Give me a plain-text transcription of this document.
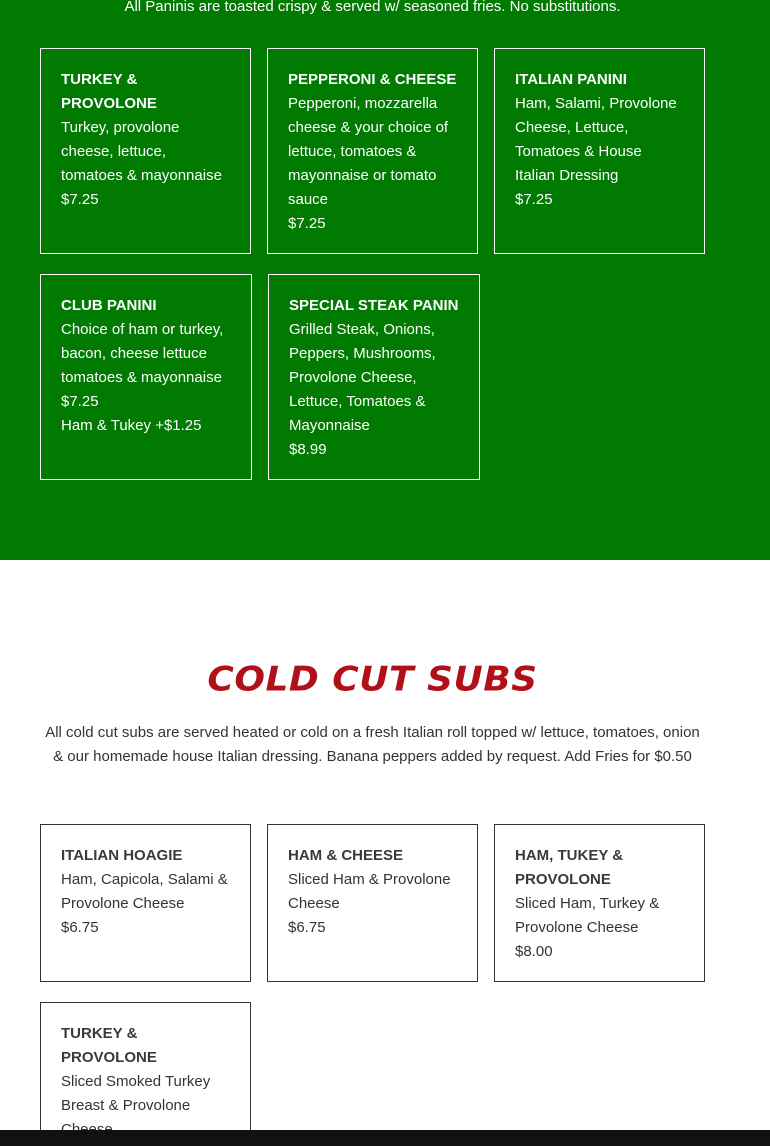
All Paninis are toasted crispy & served w/ seasoned fries. No substitutions.
TURKEY & PROVOLONE
Turkey, provolone cheese, lettuce, tomatoes & mayonnaise
$7.25
PEPPERONI & CHEESE
Pepperoni, mozzarella cheese & your choice of lettuce, tomatoes & mayonnaise or tomato sauce
$7.25
ITALIAN PANINI
Ham, Salami, Provolone Cheese, Lettuce, Tomatoes & House Italian Dressing
$7.25
CLUB PANINI
Choice of ham or turkey, bacon, cheese lettuce tomatoes & mayonnaise
$7.25
Ham & Tukey +$1.25
SPECIAL STEAK PANIN
Grilled Steak, Onions, Peppers, Mushrooms, Provolone Cheese, Lettuce, Tomatoes & Mayonnaise
$8.99
COLD CUT SUBS

All cold cut subs are served heated or cold on a fresh Italian roll topped w/ lettuce, tomatoes, onion & our homemade house Italian dressing. Banana peppers added by request. Add Fries for $0.50

ITALIAN HOAGIE
Ham, Capicola, Salami & Provolone Cheese
$6.75
HAM & CHEESE
Sliced Ham & Provolone Cheese
$6.75
HAM, TUKEY & PROVOLONE
Sliced Ham, Turkey & Provolone Cheese
$8.00
TURKEY & PROVOLONE
Sliced Smoked Turkey Breast & Provolone
